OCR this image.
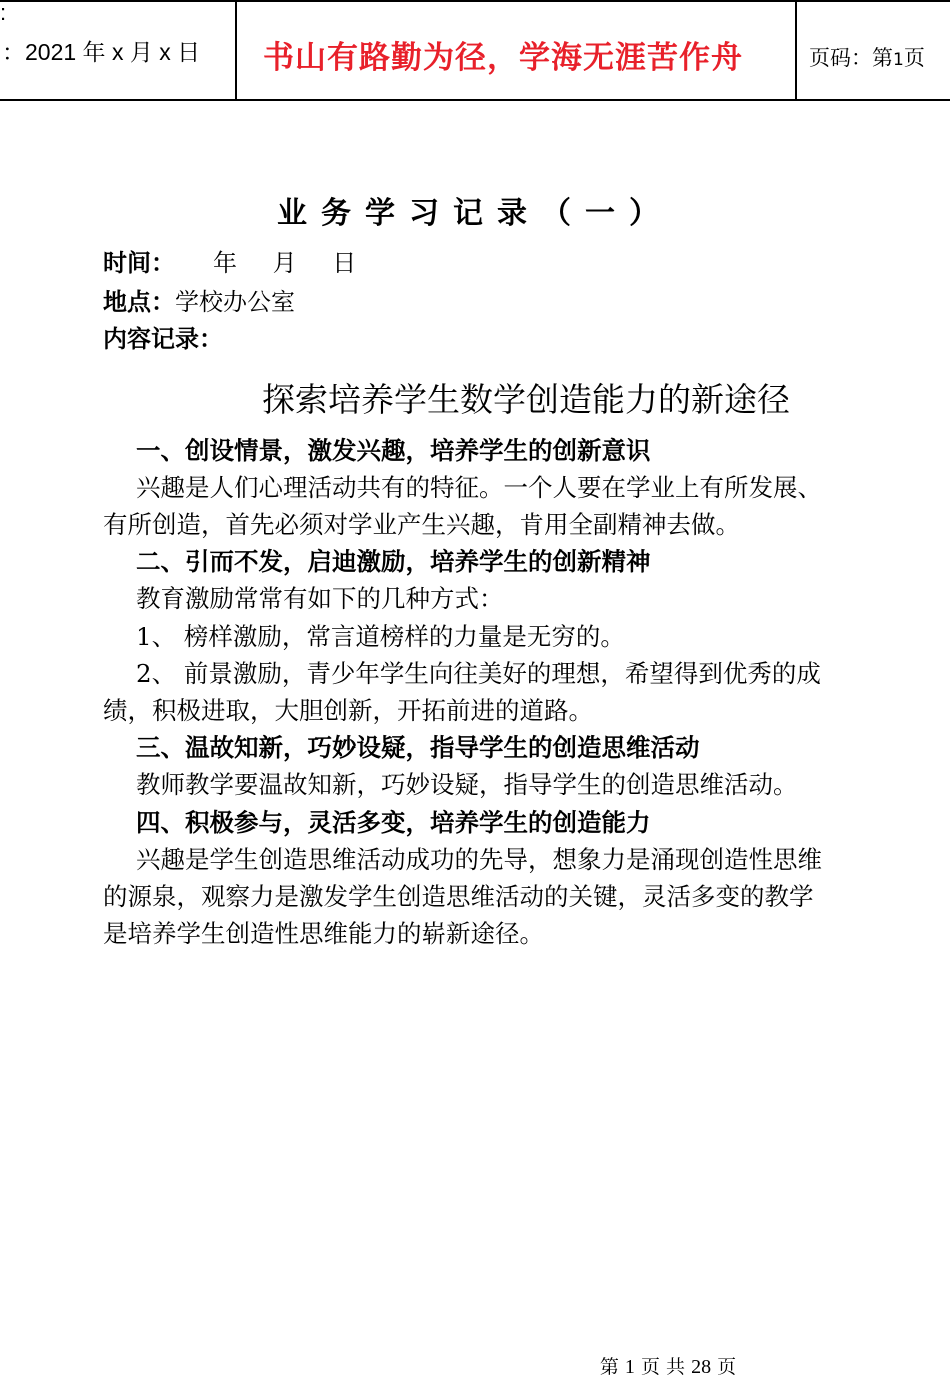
:
：2021 年 x 月 x 日 书山有路勤为径，学海无涯苦作舟	页码：第1页
业务学习记录（一）
时间： 年 月 日
地点：学校办公室
内容记录：
探索培养学生数学创造能力的新途径
一、创设情景，激发兴趣，培养学生的创新意识
兴趣是人们心理活动共有的特征。一个人要在学业上有所发展、
有所创造，首先必须对学业产生兴趣，肯用全副精神去做。
二、引而不发，启迪激励，培养学生的创新精神
教育激励常常有如下的几种方式：
1、 榜样激励，常言道榜样的力量是无穷的。
2、 前景激励，青少年学生向往美好的理想，希望得到优秀的成
绩，积极进取，大胆创新，开拓前进的道路。
三、温故知新，巧妙设疑，指导学生的创造思维活动
教师教学要温故知新，巧妙设疑，指导学生的创造思维活动。
四、积极参与，灵活多变，培养学生的创造能力
兴趣是学生创造思维活动成功的先导，想象力是涌现创造性思维
的源泉，观察力是激发学生创造思维活动的关键，灵活多变的教学
是培养学生创造性思维能力的崭新途径。
第 1 页 共 28 页
